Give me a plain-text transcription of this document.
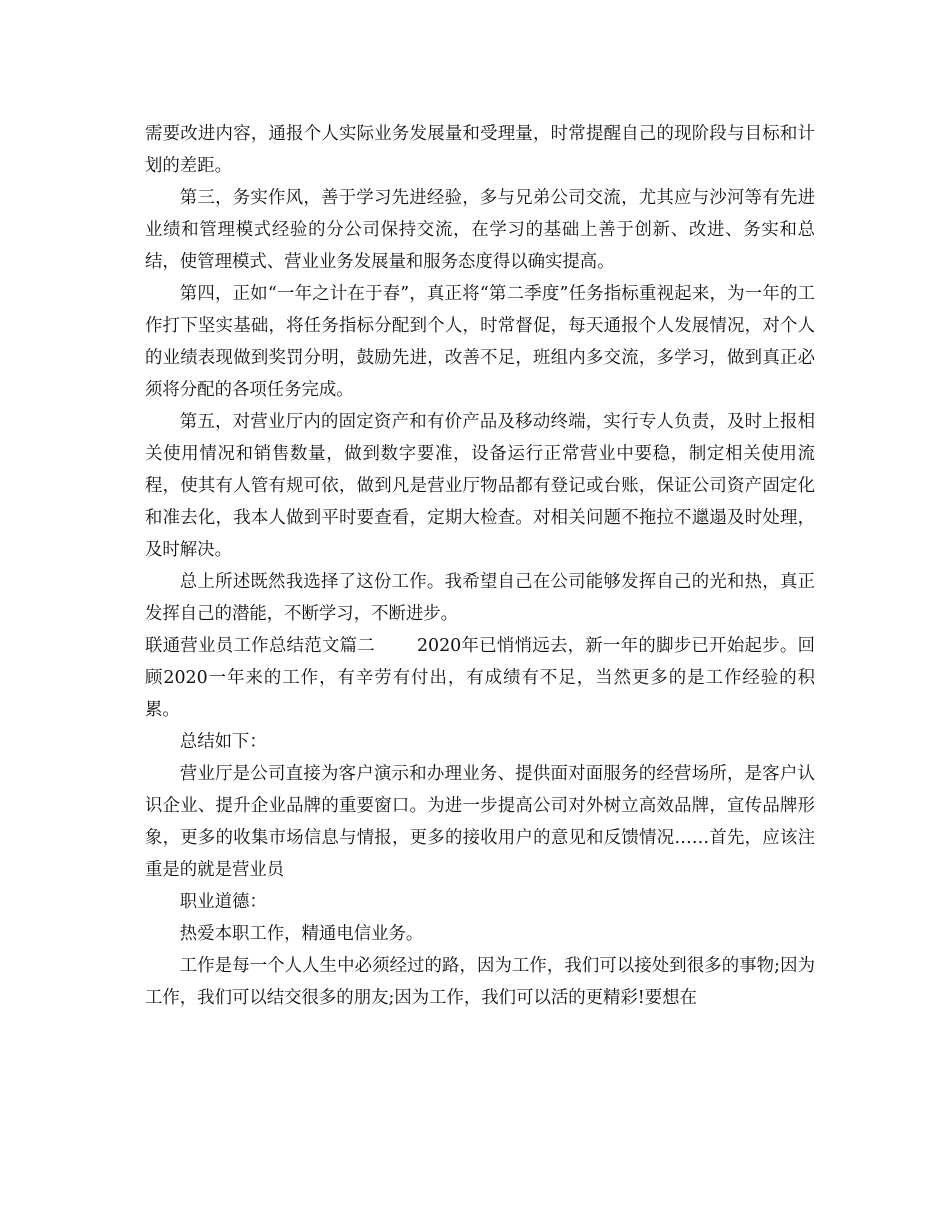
需要改进内容，通报个人实际业务发展量和受理量，时常提醒自己的现阶段与目标和计划的差距。

第三，务实作风，善于学习先进经验，多与兄弟公司交流，尤其应与沙河等有先进业绩和管理模式经验的分公司保持交流，在学习的基础上善于创新、改进、务实和总结，使管理模式、营业业务发展量和服务态度得以确实提高。

第四，正如“一年之计在于春”，真正将“第二季度”任务指标重视起来，为一年的工作打下坚实基础，将任务指标分配到个人，时常督促，每天通报个人发展情况，对个人的业绩表现做到奖罚分明，鼓励先进，改善不足，班组内多交流，多学习，做到真正必须将分配的各项任务完成。

第五，对营业厅内的固定资产和有价产品及移动终端，实行专人负责，及时上报相关使用情况和销售数量，做到数字要准，设备运行正常营业中要稳，制定相关使用流程，使其有人管有规可依，做到凡是营业厅物品都有登记或台账，保证公司资产固定化和准去化，我本人做到平时要查看，定期大检查。对相关问题不拖拉不邋遢及时处理，及时解决。

总上所述既然我选择了这份工作。我希望自己在公司能够发挥自己的光和热，真正发挥自己的潜能，不断学习，不断进步。

联通营业员工作总结范文篇二 2020年已悄悄远去，新一年的脚步已开始起步。回顾2020一年来的工作，有辛劳有付出，有成绩有不足，当然更多的是工作经验的积累。

总结如下：

营业厅是公司直接为客户演示和办理业务、提供面对面服务的经营场所，是客户认识企业、提升企业品牌的重要窗口。为进一步提高公司对外树立高效品牌，宣传品牌形象，更多的收集市场信息与情报，更多的接收用户的意见和反馈情况……首先，应该注重是的就是营业员

职业道德：

热爱本职工作，精通电信业务。

工作是每一个人人生中必须经过的路，因为工作，我们可以接处到很多的事物;因为工作，我们可以结交很多的朋友;因为工作，我们可以活的更精彩!要想在
